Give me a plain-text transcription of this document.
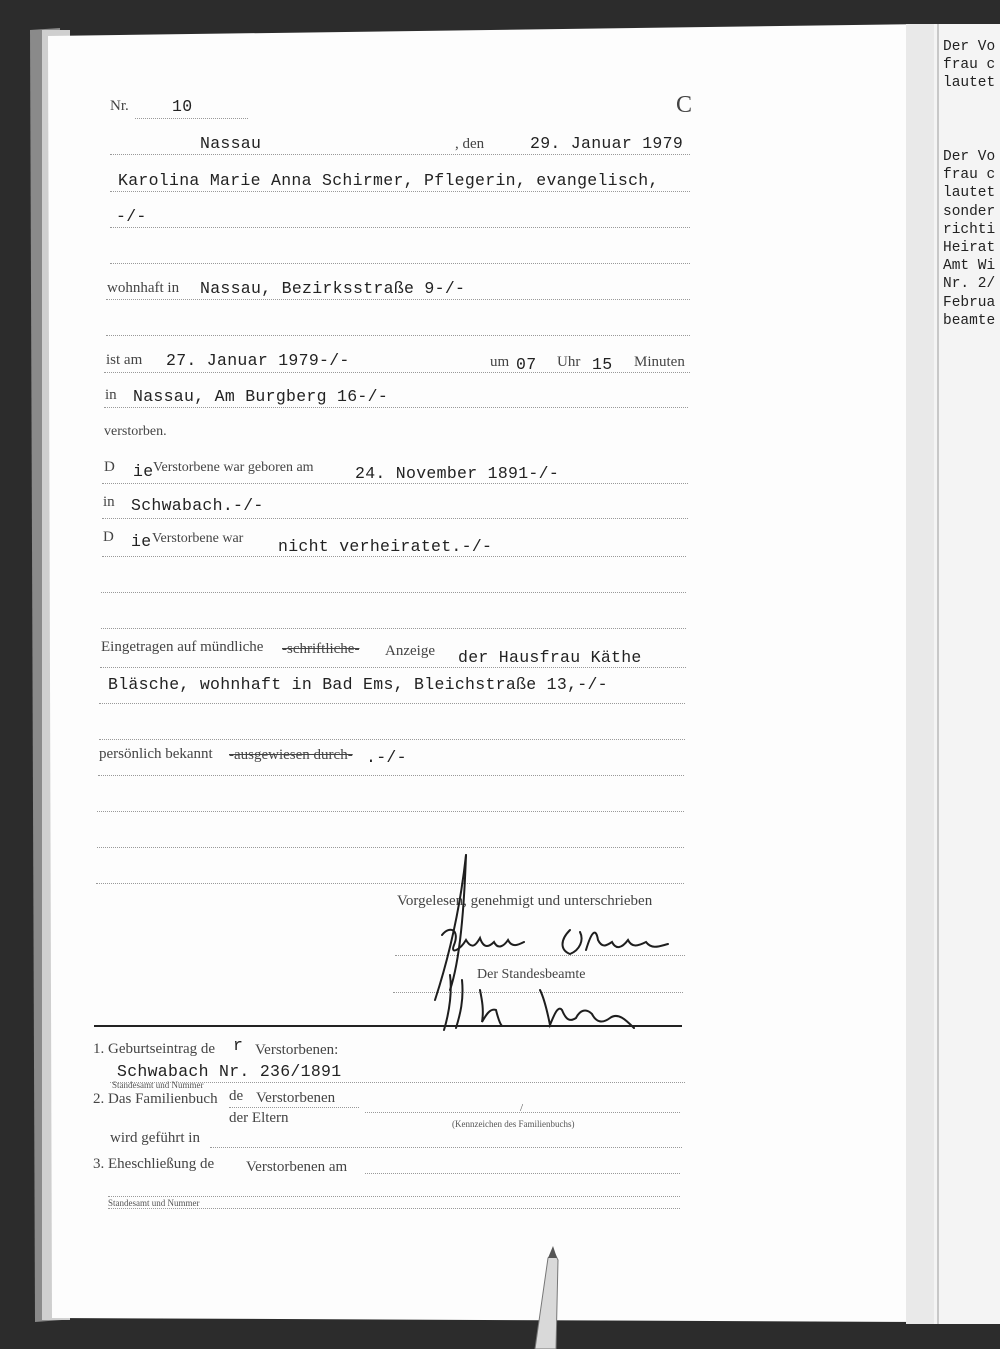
Nr.	10	C
Nassau	, den	29. Januar 1979
Karolina Marie Anna Schirmer, Pflegerin, evangelisch,
-/-
wohnhaft in Nassau, Bezirksstraße 9-/-
ist am 27. Januar 1979-/-	um 07 Uhr 15 Minuten
in Nassau, Am Burgberg 16-/-
verstorben.
D ie Verstorbene war geboren am	24. November 1891-/-
in Schwabach.-/-
D ie Verstorbene war nicht verheiratet.-/-
Eingetragen auf mündliche -schriftliche- Anzeige der Hausfrau Käthe
Bläsche, wohnhaft in Bad Ems, Bleichstraße 13,-/-
persönlich bekannt -ausgewiesen durch- .-/-
Vorgelesen, genehmigt und unterschrieben
Der Standesbeamte
1. Geburtseintrag de r Verstorbenen:
Schwabach Nr. 236/1891
Standesamt und Nummer
2. Das Familienbuch de Verstorbenen
der Eltern
/
(Kennzeichen des Familienbuchs)
wird geführt in
3. Eheschließung de Verstorbenen am
Standesamt und Nummer
Der Vo
frau c
lautet
Der Vo
frau c
lautet
sonder
richti
Heirat
Amt Wi
Nr. 2/
Februa
beamte
